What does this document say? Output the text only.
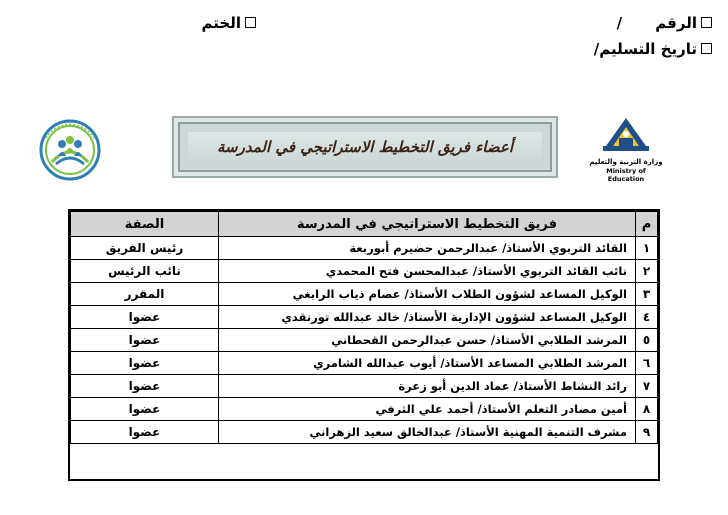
الرقم /
تاريخ التسليم/
الختم
أعضاء فريق التخطيط الاستراتيجي في المدرسة
وزارة التربية والتعليم
Ministry of Education
م	فريق التخطيط الاستراتيجي في المدرسة	الصفة
١	القائد التربوي الأستاذ/ عبدالرحمن حضيرم أبوربعة	رئيس الفريق
٢	نائب القائد التربوي الأستاذ/ عبدالمحسن فتح المحمدي	نائب الرئيس
٣	الوكيل المساعد لشؤون الطلاب الأستاذ/ عصام ذياب الرابغي	المقرر
٤	الوكيل المساعد لشؤون الإدارية الأستاذ/ خالد عبدالله تورنقدي	عضوا
٥	المرشد الطلابي الأستاذ/ حسن عبدالرحمن القحطاني	عضوا
٦	المرشد الطلابي المساعد الأستاذ/ أيوب عبدالله الشامري	عضوا
٧	رائد النشاط الأستاذ/ عماد الدين أبو زعرة	عضوا
٨	أمين مصادر التعلم الأستاذ/ أحمد علي الثرفي	عضوا
٩	مشرف التنمية المهنية الأستاذ/ عبدالخالق سعيد الزهراني	عضوا
